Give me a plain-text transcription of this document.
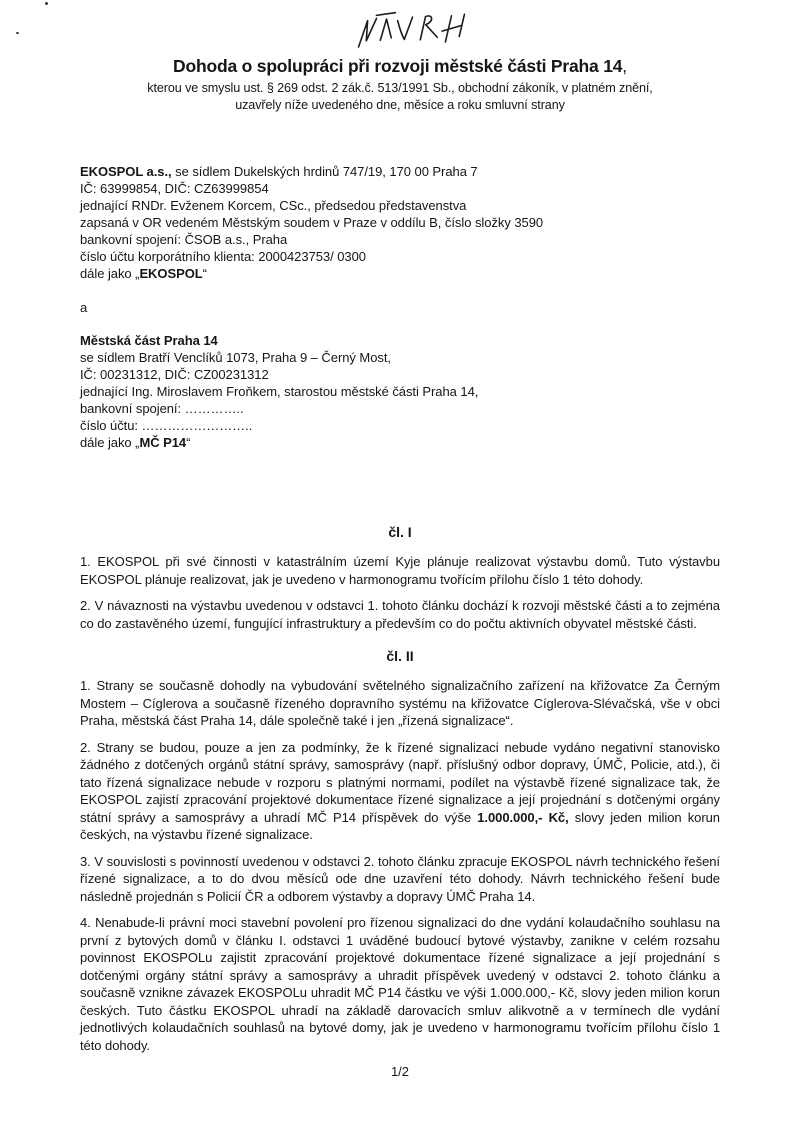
Dohoda o spolupráci při rozvoji městské části Praha 14,
kterou ve smyslu ust. § 269 odst. 2 zák.č. 513/1991 Sb., obchodní zákoník, v platném znění,
uzavřely níže uvedeného dne, měsíce a roku smluvní strany
EKOSPOL a.s., se sídlem Dukelských hrdinů 747/19, 170 00 Praha 7
IČ: 63999854, DIČ: CZ63999854
jednající RNDr. Evženem Korcem, CSc., předsedou představenstva
zapsaná v OR vedeném Městským soudem v Praze v oddílu B, číslo složky 3590
bankovní spojení: ČSOB a.s., Praha
číslo účtu korporátního klienta: 2000423753/ 0300
dále jako „EKOSPOL“
a
Městská část Praha 14
se sídlem Bratří Venclíků 1073, Praha 9 – Černý Most,
IČ: 00231312, DIČ: CZ00231312
jednající Ing. Miroslavem Froňkem, starostou městské části Praha 14,
bankovní spojení: …………..
číslo účtu: ……………………..
dále jako „MČ P14“
čl. I

1. EKOSPOL při své činnosti v katastrálním území Kyje plánuje realizovat výstavbu domů. Tuto výstavbu EKOSPOL plánuje realizovat, jak je uvedeno v harmonogramu tvořícím přílohu číslo 1 této dohody.

2. V návaznosti na výstavbu uvedenou v odstavci 1. tohoto článku dochází k rozvoji městské části a to zejména co do zastavěného území, fungující infrastruktury a především co do počtu aktivních obyvatel městské části.

čl. II

1. Strany se současně dohodly na vybudování světelného signalizačního zařízení na křižovatce Za Černým Mostem – Cíglerova a současně řízeného dopravního systému na křižovatce Cíglerova-Slévačská, vše v obci Praha, městská část Praha 14, dále společně také i jen „řízená signalizace“.

2. Strany se budou, pouze a jen za podmínky, že k řízené signalizaci nebude vydáno negativní stanovisko žádného z dotčených orgánů státní správy, samosprávy (např. příslušný odbor dopravy, ÚMČ, Policie, atd.), či tato řízená signalizace nebude v rozporu s platnými normami, podílet na výstavbě řízené signalizace tak, že EKOSPOL zajistí zpracování projektové dokumentace řízené signalizace a její projednání s dotčenými orgány státní správy a samosprávy a uhradí MČ P14 příspěvek do výše 1.000.000,- Kč, slovy jeden milion korun českých, na výstavbu řízené signalizace.

3. V souvislosti s povinností uvedenou v odstavci 2. tohoto článku zpracuje EKOSPOL návrh technického řešení řízené signalizace, a to do dvou měsíců ode dne uzavření této dohody. Návrh technického řešení bude následně projednán s Policií ČR a odborem výstavby a dopravy ÚMČ Praha 14.

4. Nenabude-li právní moci stavební povolení pro řízenou signalizaci do dne vydání kolaudačního souhlasu na první z bytových domů v článku I. odstavci 1 uváděné budoucí bytové výstavby, zanikne v celém rozsahu povinnost EKOSPOLu zajistit zpracování projektové dokumentace řízené signalizace a její projednání s dotčenými orgány státní správy a samosprávy a uhradit příspěvek uvedený v odstavci 2. tohoto článku a současně vznikne závazek EKOSPOLu uhradit MČ P14 částku ve výši 1.000.000,- Kč, slovy jeden milion korun českých. Tuto částku EKOSPOL uhradí na základě darovacích smluv alikvotně a v termínech dle vydání jednotlivých kolaudačních souhlasů na bytové domy, jak je uvedeno v harmonogramu tvořícím přílohu číslo 1 této dohody.

1/2
